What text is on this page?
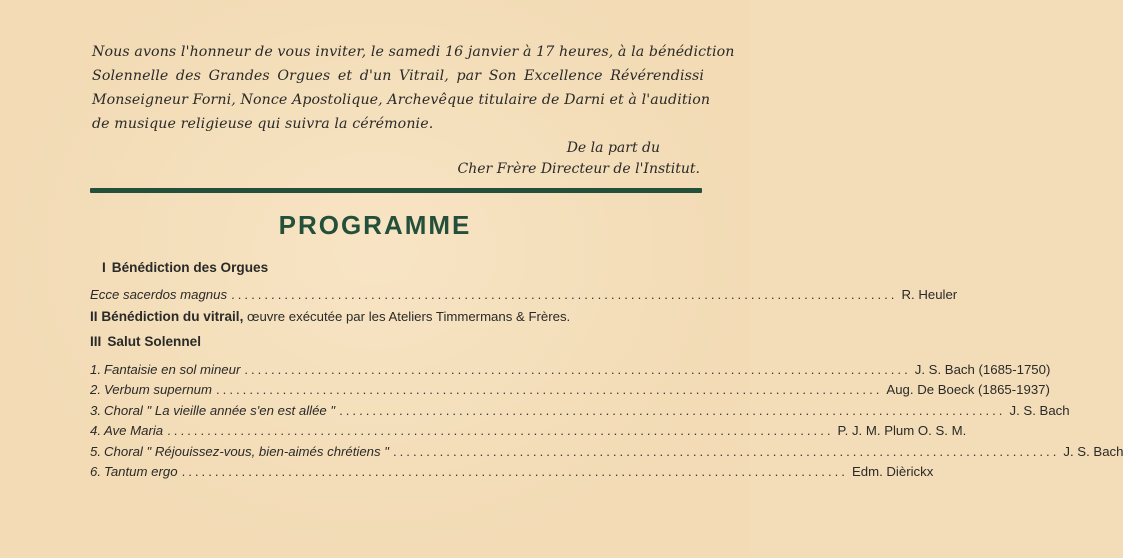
Nous avons l'honneur de vous inviter, le samedi 16 janvier à 17 heures, à la bénédiction
Solennelle des Grandes Orgues et d'un Vitrail, par Son Excellence Révérendissi
Monseigneur Forni, Nonce Apostolique, Archevêque titulaire de Darni et à l'audition
de musique religieuse qui suivra la cérémonie.
De la part du
Cher Frère Directeur de l'Institut.
PROGRAMME
I Bénédiction des Orgues
Ecce sacerdos magnus .................................................................................................... R. Heuler
II Bénédiction du vitrail, œuvre exécutée par les Ateliers Timmermans & Frères.
III Salut Solennel
1. Fantaisie en sol mineur .................................................................................................... J. S. Bach (1685-1750)
2. Verbum supernum .................................................................................................... Aug. De Boeck (1865-1937)
3. Choral " La vieille année s'en est allée " .................................................................................................... J. S. Bach
4. Ave Maria .................................................................................................... P. J. M. Plum O. S. M.
5. Choral " Réjouissez-vous, bien-aimés chrétiens " .................................................................................................... J. S. Bach
6. Tantum ergo .................................................................................................... Edm. Dièrickx
